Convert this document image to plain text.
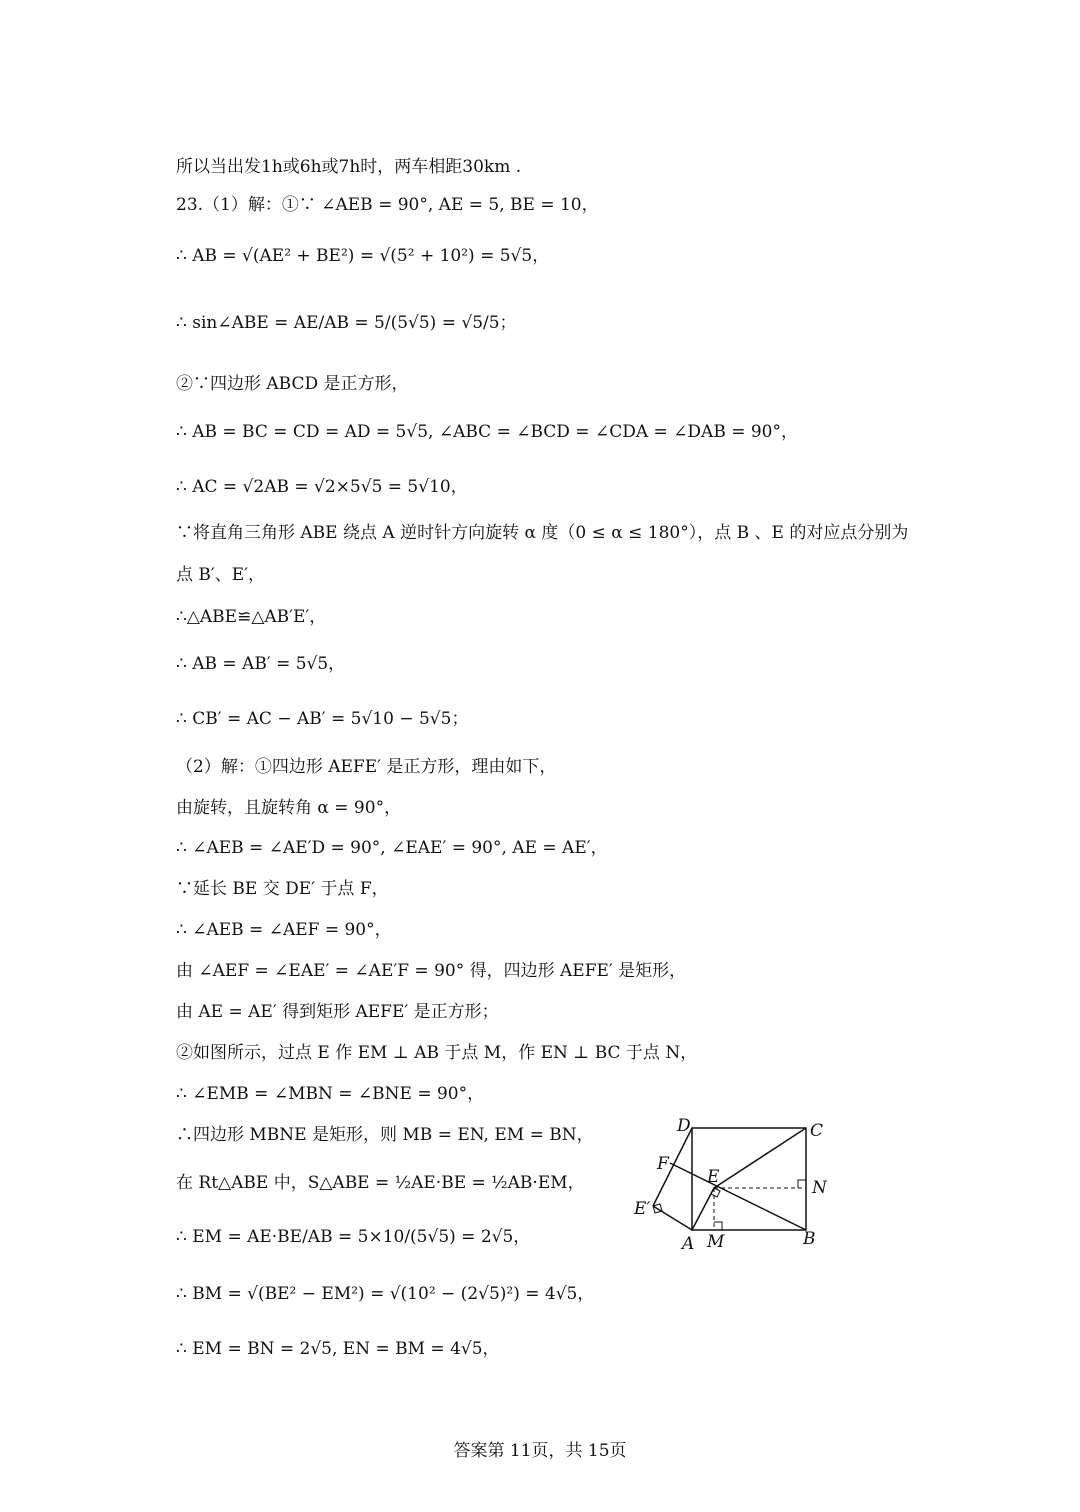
所以当出发1h或6h或7h时，两车相距30km .
23.（1）解：①∵ ∠AEB = 90°, AE = 5, BE = 10，
∴ AB = √(AE² + BE²) = √(5² + 10²) = 5√5，
∴ sin∠ABE = AE/AB = 5/(5√5) = √5/5；
②∵四边形 ABCD 是正方形，
∴ AB = BC = CD = AD = 5√5, ∠ABC = ∠BCD = ∠CDA = ∠DAB = 90°，
∴ AC = √2AB = √2×5√5 = 5√10，
∵将直角三角形 ABE 绕点 A 逆时针方向旋转 α 度（0 ≤ α ≤ 180°），点 B 、E 的对应点分别为
点 B′、E′，
∴△ABE≌△AB′E′，
∴ AB = AB′ = 5√5，
∴ CB′ = AC − AB′ = 5√10 − 5√5；
（2）解：①四边形 AEFE′ 是正方形，理由如下，
由旋转，且旋转角 α = 90°，
∴ ∠AEB = ∠AE′D = 90°, ∠EAE′ = 90°, AE = AE′，
∵延长 BE 交 DE′ 于点 F，
∴ ∠AEB = ∠AEF = 90°，
由 ∠AEF = ∠EAE′ = ∠AE′F = 90° 得，四边形 AEFE′ 是矩形，
由 AE = AE′ 得到矩形 AEFE′ 是正方形；
②如图所示，过点 E 作 EM ⊥ AB 于点 M，作 EN ⊥ BC 于点 N，
∴ ∠EMB = ∠MBN = ∠BNE = 90°，
∴四边形 MBNE 是矩形，则 MB = EN, EM = BN，
在 Rt△ABE 中，S△ABE = ½AE·BE = ½AB·EM，
∴ EM = AE·BE/AB = 5×10/(5√5) = 2√5，
∴ BM = √(BE² − EM²) = √(10² − (2√5)²) = 4√5，
∴ EM = BN = 2√5, EN = BM = 4√5，
D	C
F
E
N
E′
A M	B
答案第 11页，共 15页
